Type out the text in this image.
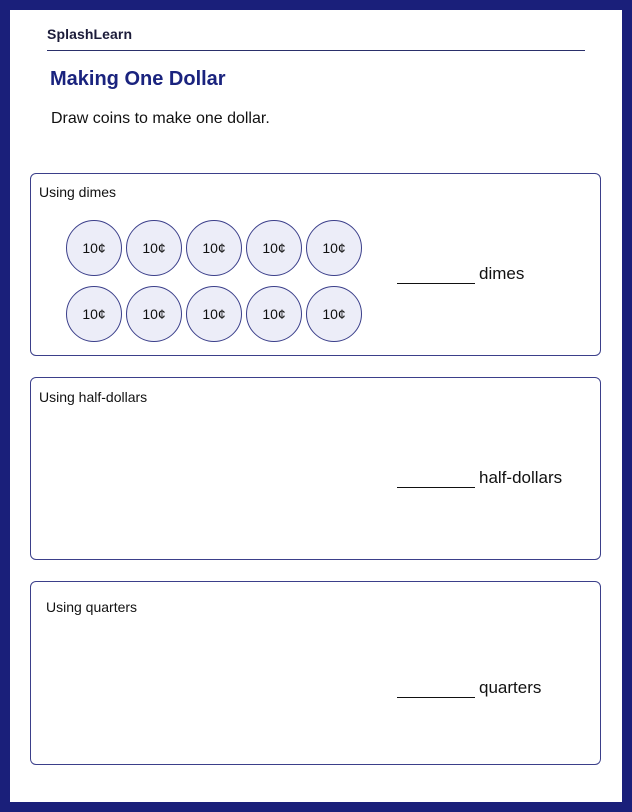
SplashLearn
Making One Dollar
Draw coins to make one dollar.
Using dimes
10¢	10¢	10¢	10¢	10¢
10¢	10¢	10¢	10¢	10¢
dimes
Using half-dollars
half-dollars
Using quarters
quarters
